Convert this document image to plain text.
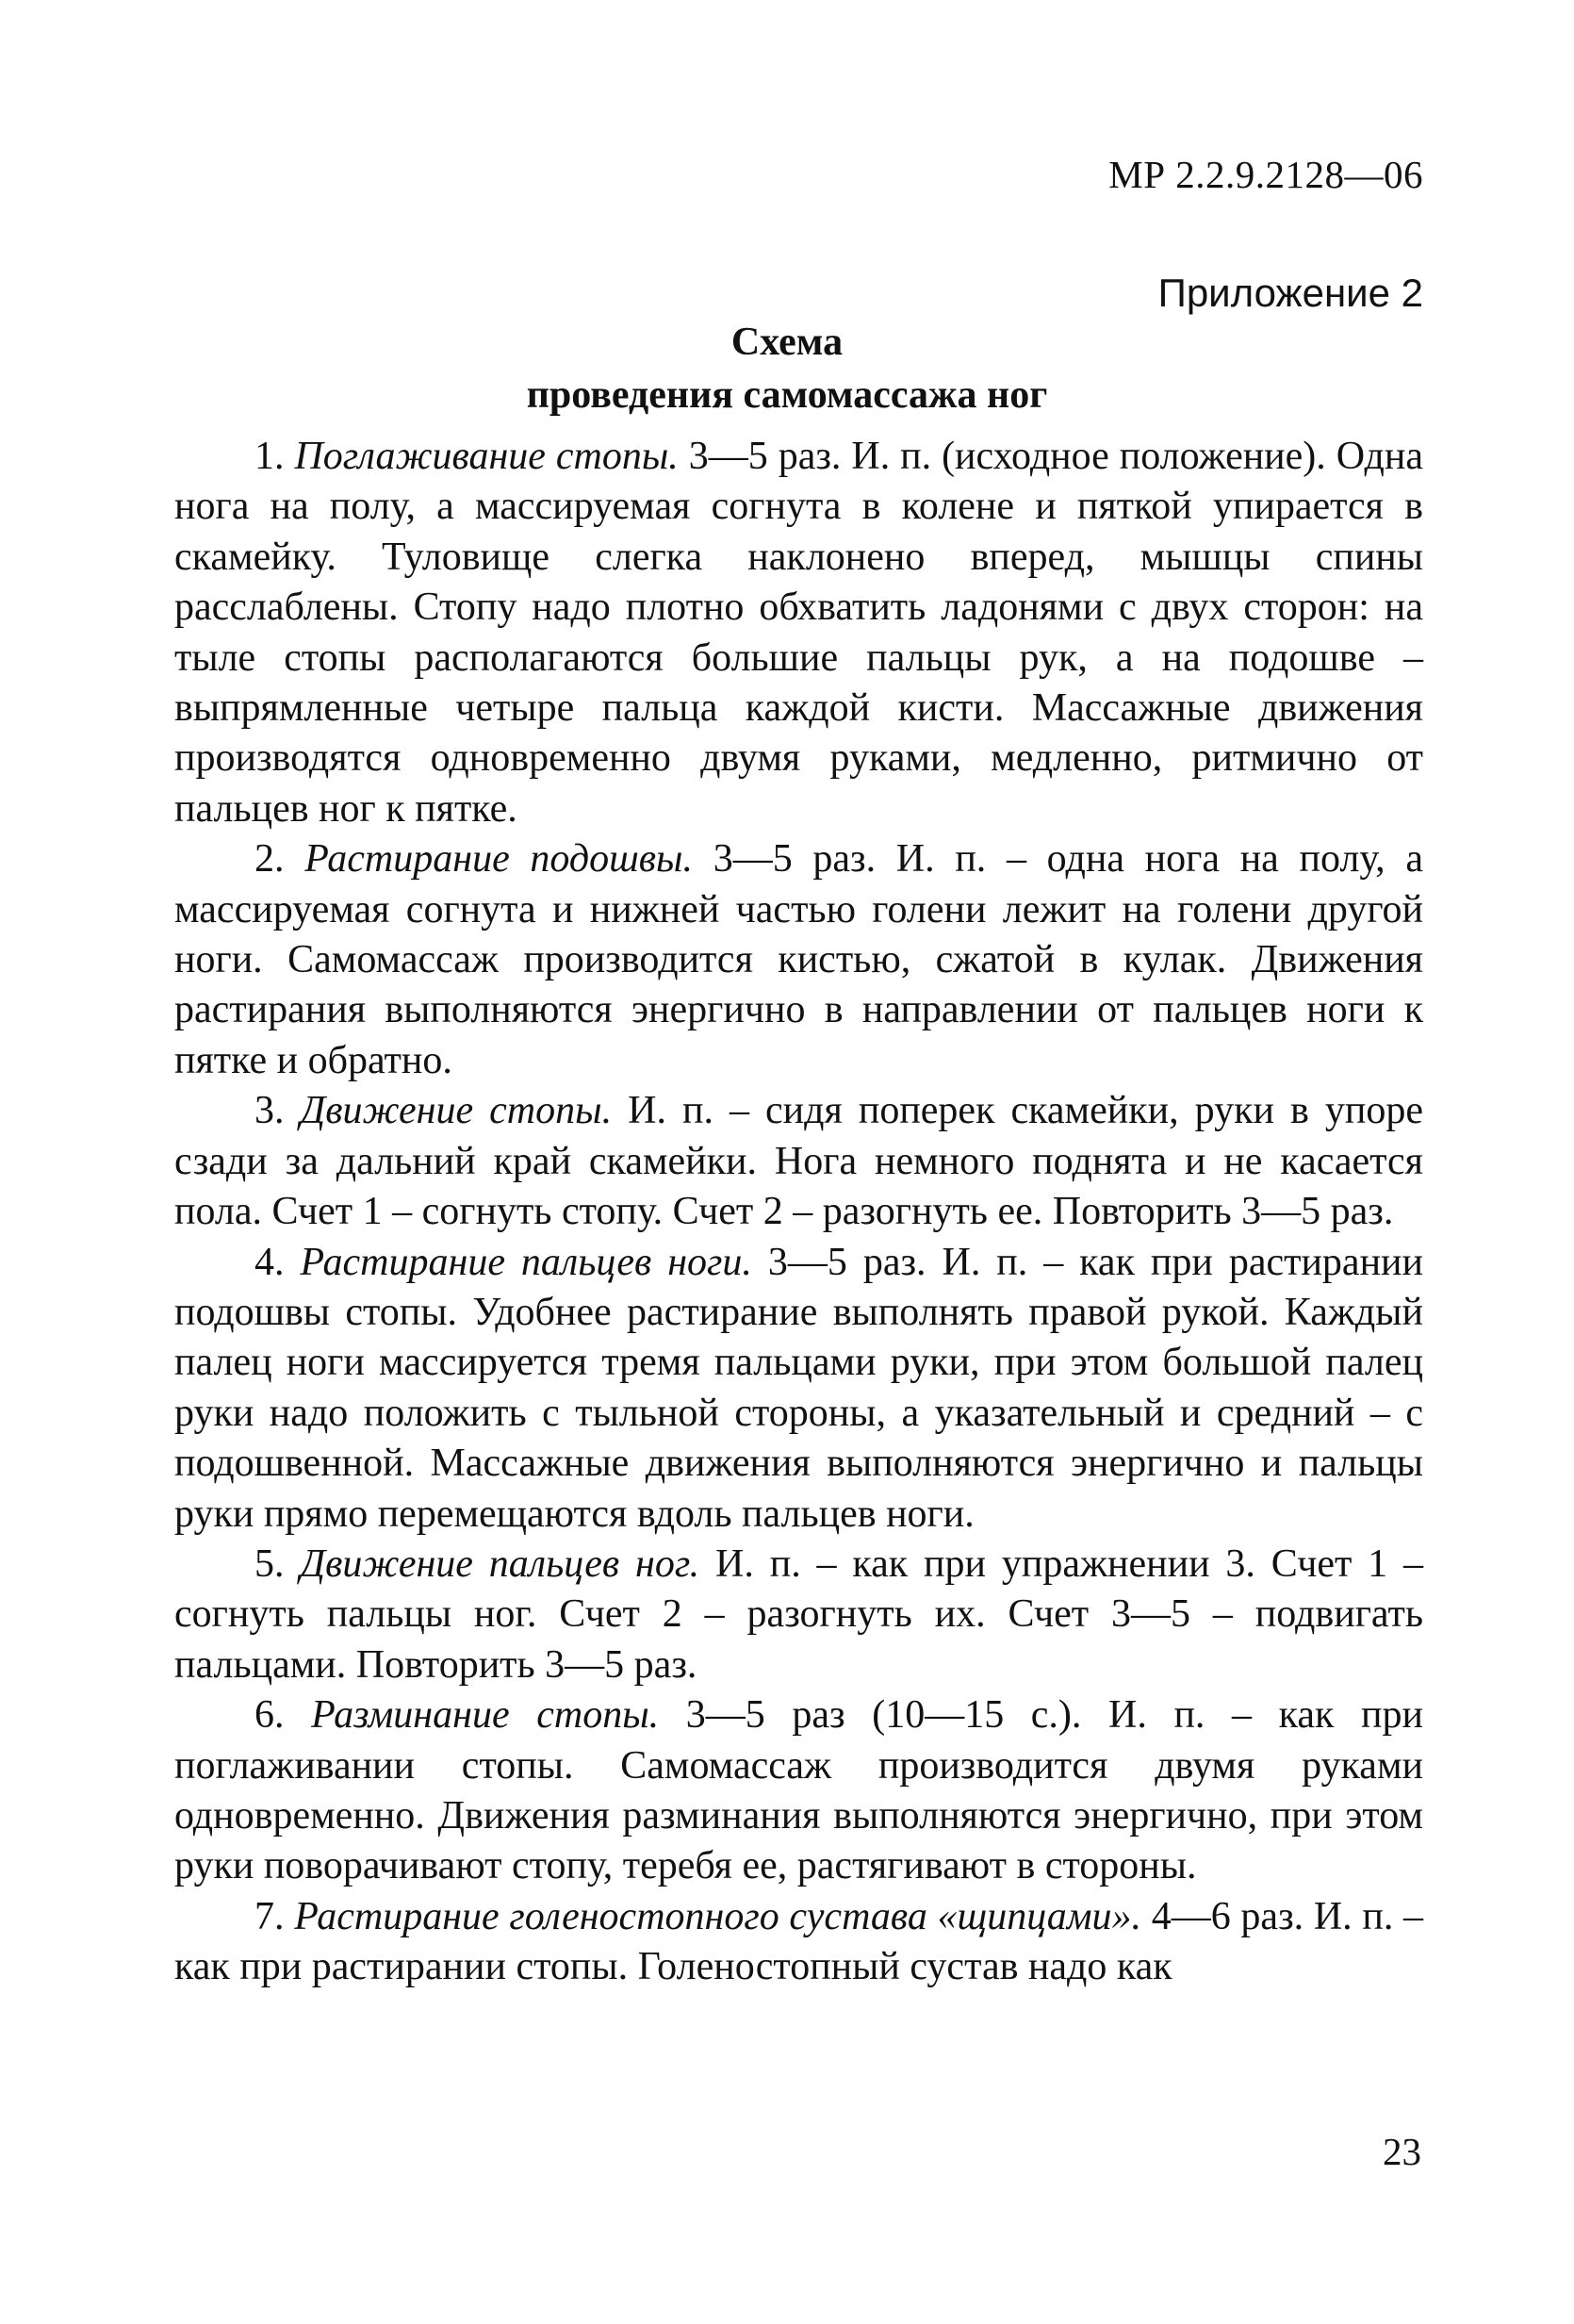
МР 2.2.9.2128—06
Приложение 2
Схема
проведения самомассажа ног

1. Поглаживание стопы. 3—5 раз. И. п. (исходное положение). Одна нога на полу, а массируемая согнута в колене и пяткой упирается в скамейку. Туловище слегка наклонено вперед, мышцы спины расслаблены. Стопу надо плотно обхватить ладонями с двух сторон: на тыле стопы располагаются большие пальцы рук, а на подошве – выпрямленные четыре пальца каждой кисти. Массажные движения производятся одновременно двумя руками, медленно, ритмично от пальцев ног к пятке.

2. Растирание подошвы. 3—5 раз. И. п. – одна нога на полу, а массируемая согнута и нижней частью голени лежит на голени другой ноги. Самомассаж производится кистью, сжатой в кулак. Движения растирания выполняются энергично в направлении от пальцев ноги к пятке и обратно.

3. Движение стопы. И. п. – сидя поперек скамейки, руки в упоре сзади за дальний край скамейки. Нога немного поднята и не касается пола. Счет 1 – согнуть стопу. Счет 2 – разогнуть ее. Повторить 3—5 раз.

4. Растирание пальцев ноги. 3—5 раз. И. п. – как при растирании подошвы стопы. Удобнее растирание выполнять правой рукой. Каждый палец ноги массируется тремя пальцами руки, при этом большой палец руки надо положить с тыльной стороны, а указательный и средний – с подошвенной. Массажные движения выполняются энергично и пальцы руки прямо перемещаются вдоль пальцев ноги.

5. Движение пальцев ног. И. п. – как при упражнении 3. Счет 1 – согнуть пальцы ног. Счет 2 – разогнуть их. Счет 3—5 – подвигать пальцами. Повторить 3—5 раз.

6. Разминание стопы. 3—5 раз (10—15 с.). И. п. – как при поглаживании стопы. Самомассаж производится двумя руками одновременно. Движения разминания выполняются энергично, при этом руки поворачивают стопу, теребя ее, растягивают в стороны.

7. Растирание голеностопного сустава «щипцами». 4—6 раз. И. п. – как при растирании стопы. Голеностопный сустав надо как

23
